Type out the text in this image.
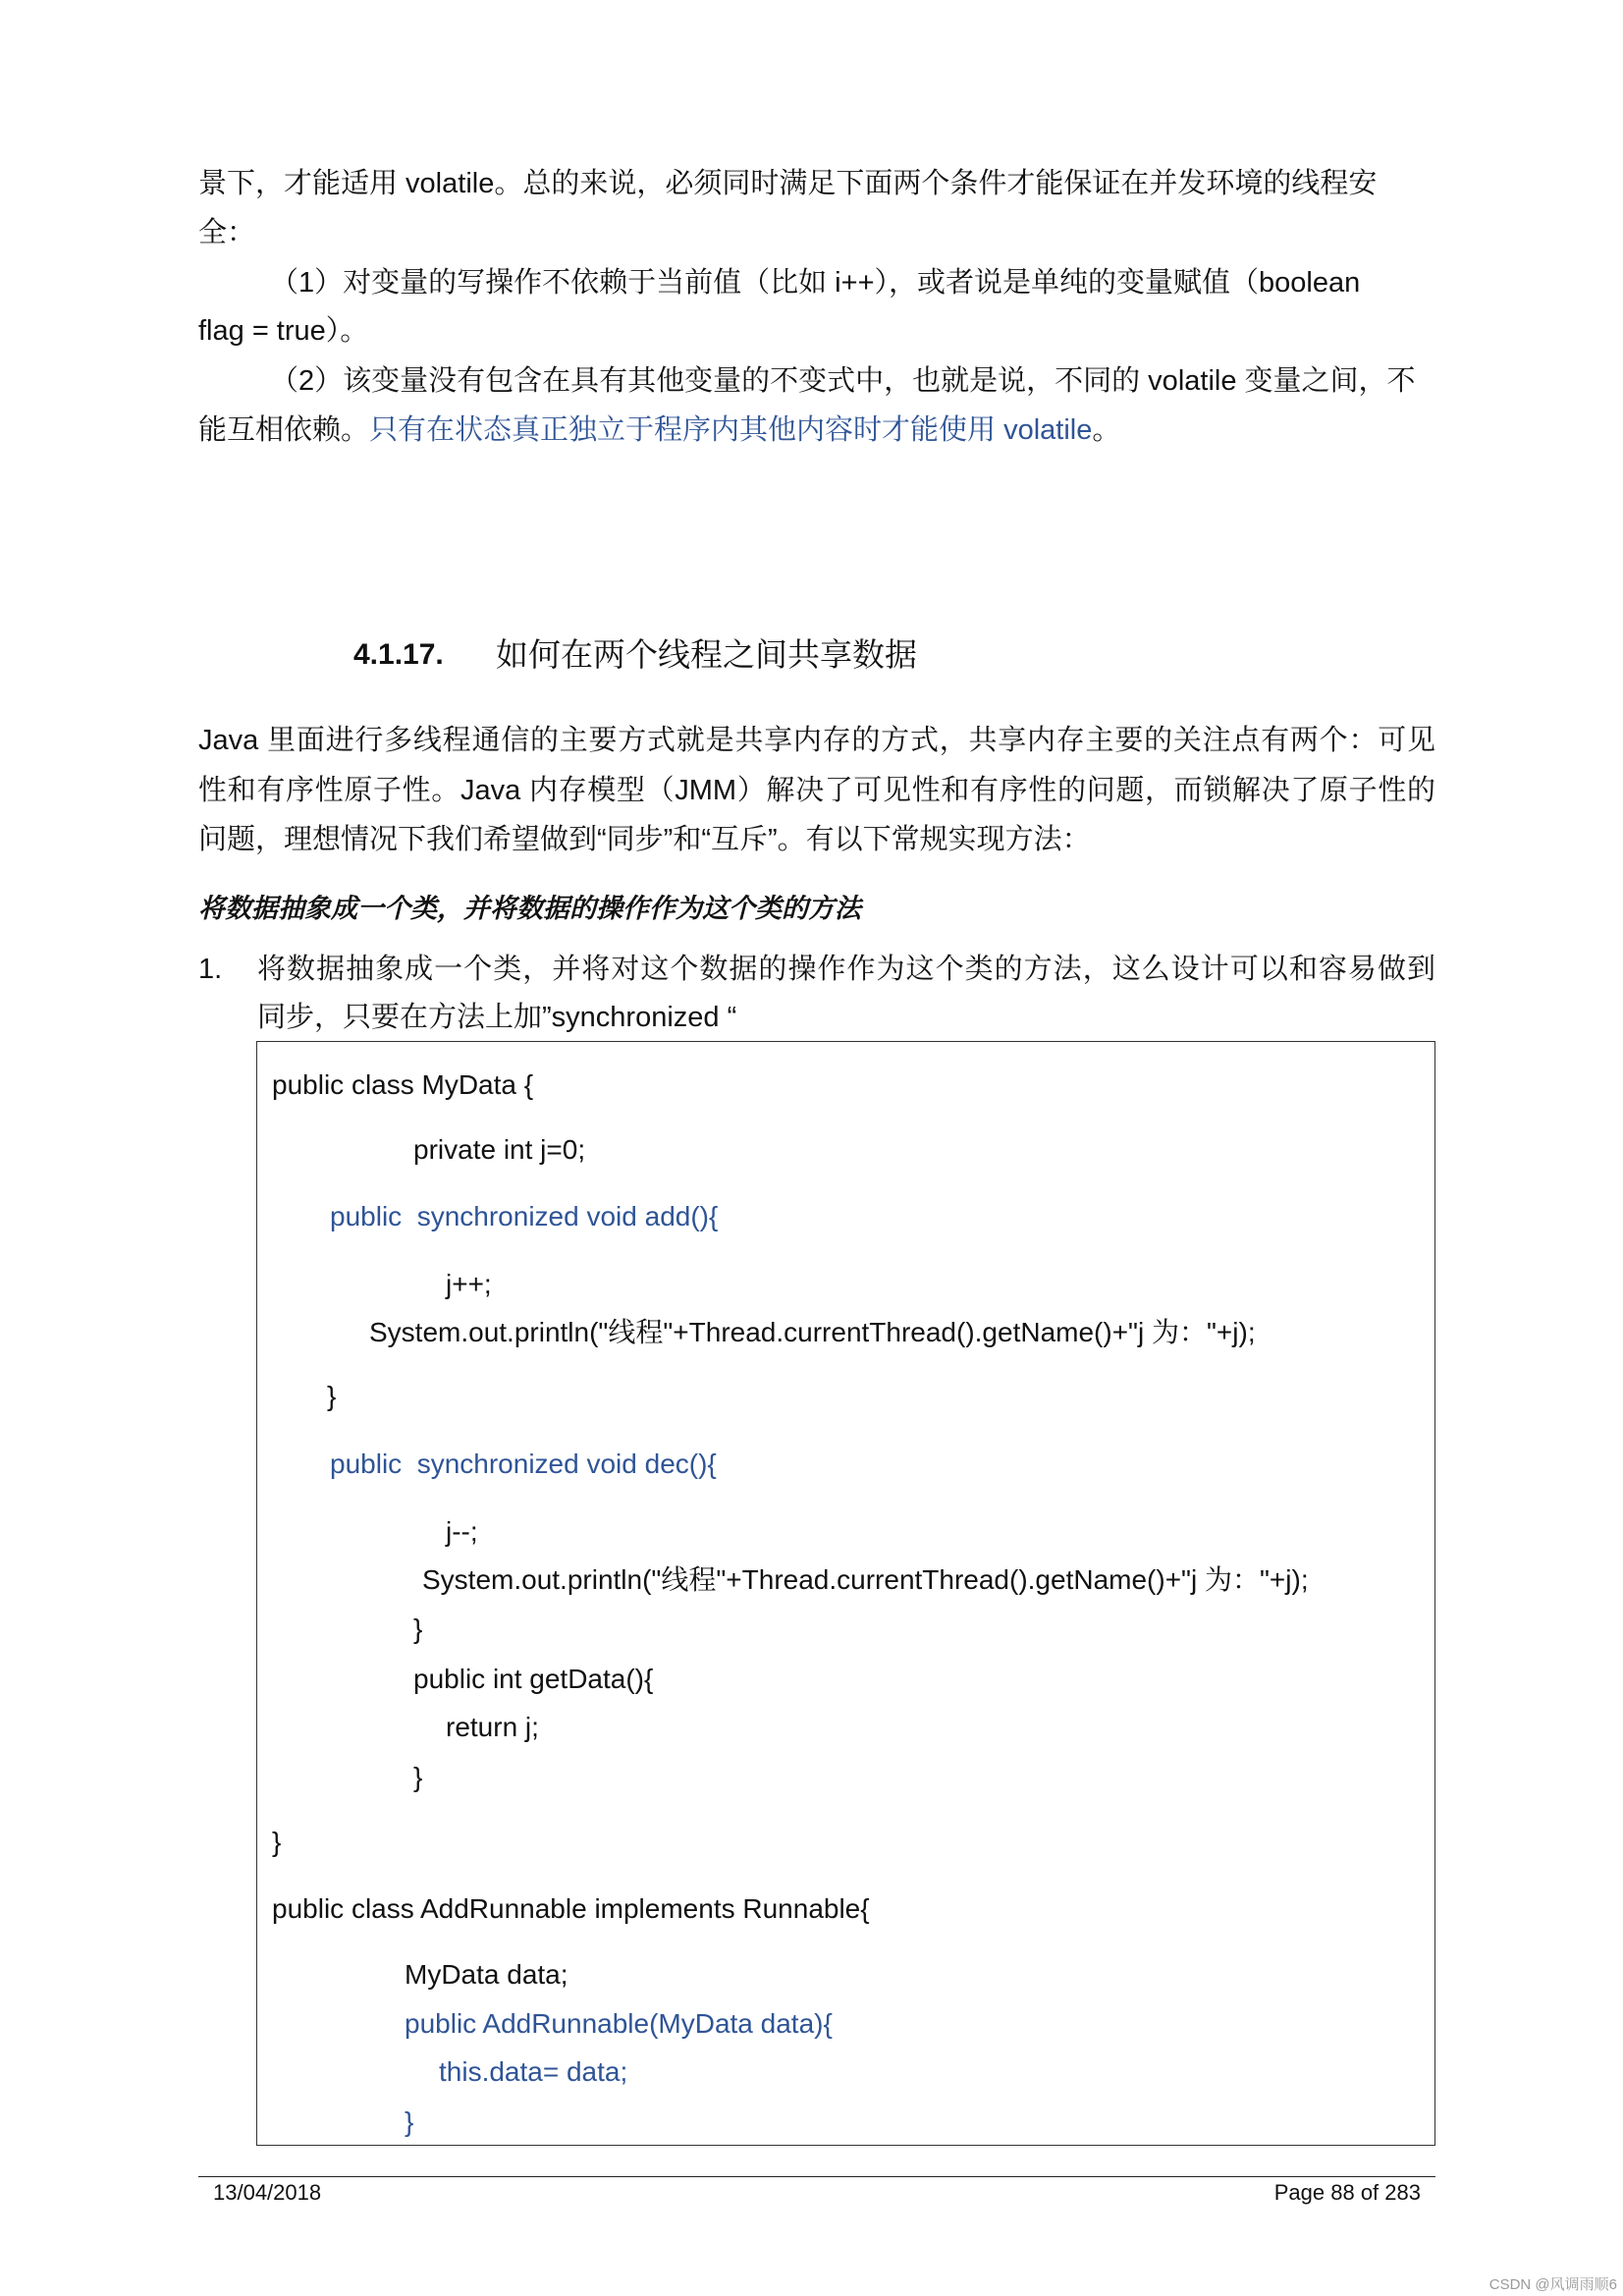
景下，才能适用 volatile。总的来说，必须同时满足下面两个条件才能保证在并发环境的线程安
全：
（1）对变量的写操作不依赖于当前值（比如 i++），或者说是单纯的变量赋值（boolean
flag = true）。
（2）该变量没有包含在具有其他变量的不变式中，也就是说，不同的 volatile 变量之间，不
能互相依赖。只有在状态真正独立于程序内其他内容时才能使用 volatile。
4.1.17. 如何在两个线程之间共享数据
Java 里面进行多线程通信的主要方式就是共享内存的方式，共享内存主要的关注点有两个：可见
性和有序性原子性。Java 内存模型（JMM）解决了可见性和有序性的问题，而锁解决了原子性的
问题，理想情况下我们希望做到“同步”和“互斥”。有以下常规实现方法：
将数据抽象成一个类，并将数据的操作作为这个类的方法
1. 将数据抽象成一个类，并将对这个数据的操作作为这个类的方法，这么设计可以和容易做到
同步，只要在方法上加”synchronized “
public class MyData {
private int j=0;
public  synchronized void add(){
j++;
System.out.println("线程"+Thread.currentThread().getName()+"j 为："+j);
}
public  synchronized void dec(){
j--;
System.out.println("线程"+Thread.currentThread().getName()+"j 为："+j);
}
public int getData(){
return j;
}
}
public class AddRunnable implements Runnable{
MyData data;
public AddRunnable(MyData data){
this.data= data;
}
13/04/2018	Page 88 of 283
CSDN @风调雨顺6
